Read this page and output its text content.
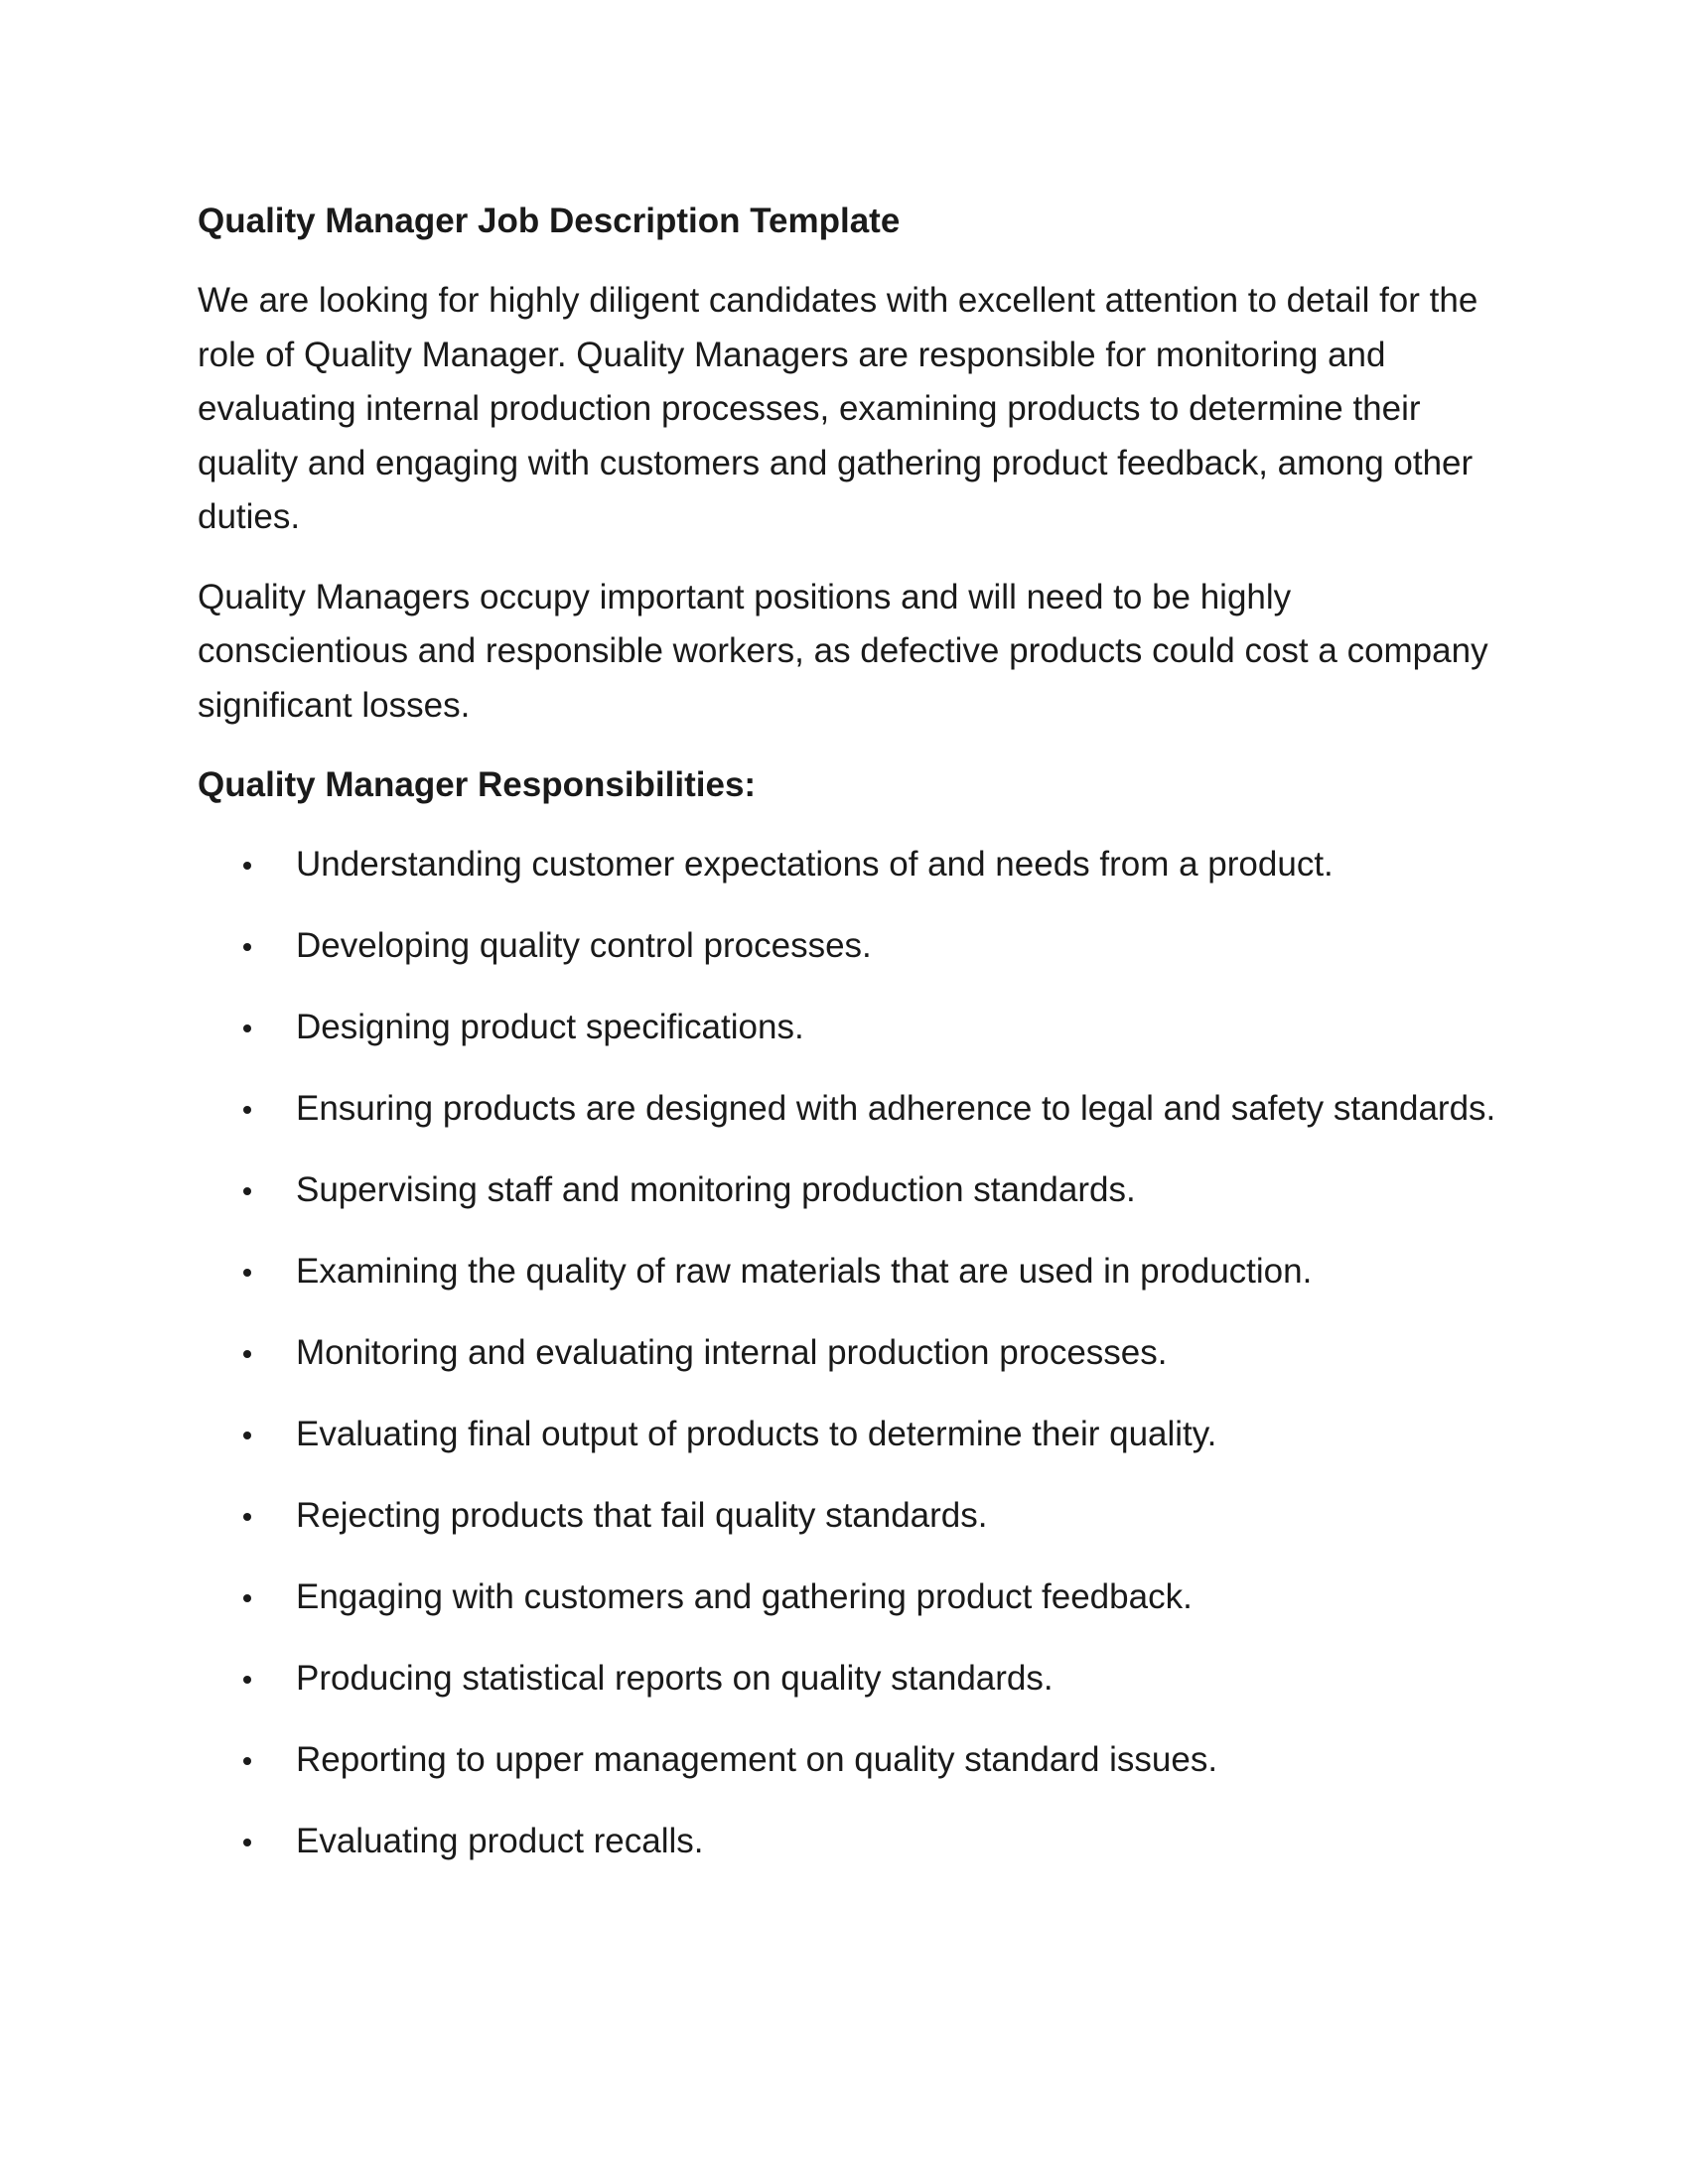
Quality Manager Job Description Template

We are looking for highly diligent candidates with excellent attention to detail for the role of Quality Manager. Quality Managers are responsible for monitoring and evaluating internal production processes, examining products to determine their quality and engaging with customers and gathering product feedback, among other duties.

Quality Managers occupy important positions and will need to be highly conscientious and responsible workers, as defective products could cost a company significant losses.

Quality Manager Responsibilities:
Understanding customer expectations of and needs from a product.
Developing quality control processes.
Designing product specifications.
Ensuring products are designed with adherence to legal and safety standards.
Supervising staff and monitoring production standards.
Examining the quality of raw materials that are used in production.
Monitoring and evaluating internal production processes.
Evaluating final output of products to determine their quality.
Rejecting products that fail quality standards.
Engaging with customers and gathering product feedback.
Producing statistical reports on quality standards.
Reporting to upper management on quality standard issues.
Evaluating product recalls.
